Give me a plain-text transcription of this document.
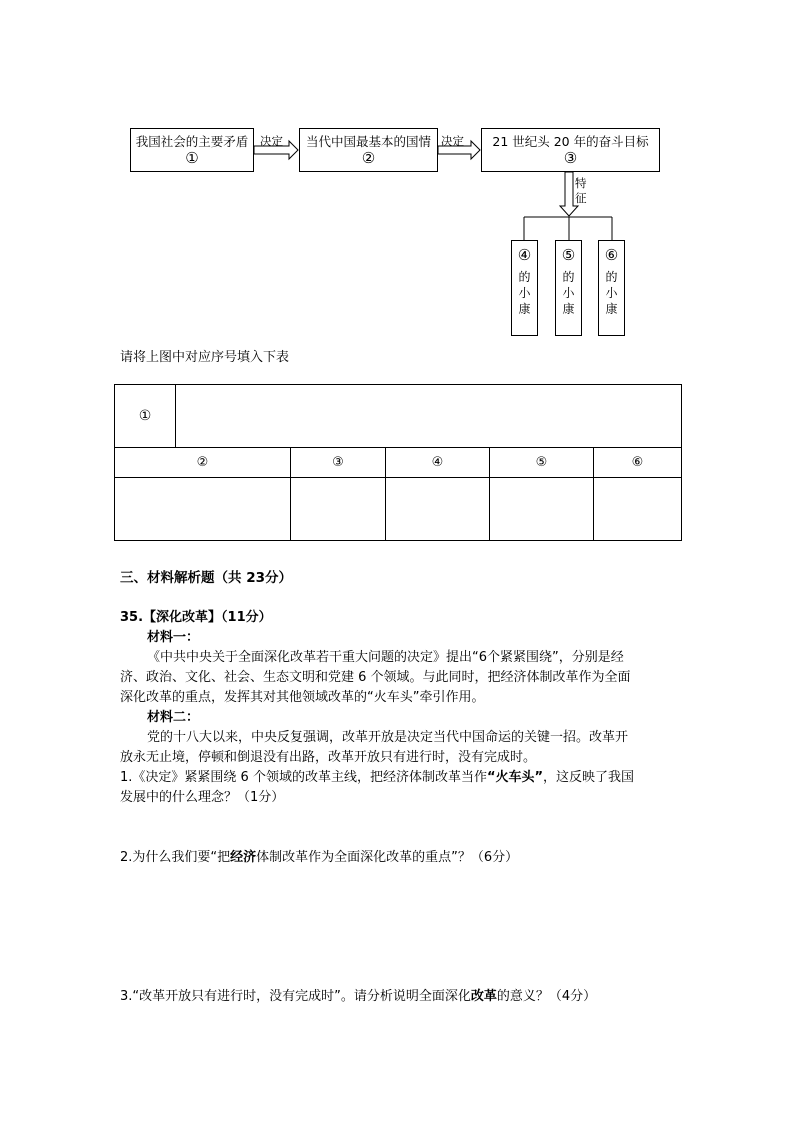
我国社会的主要矛盾
①
当代中国最基本的国情
②
21 世纪头 20 年的奋斗目标
③
决定	决定
特
征
④
的
小
康
⑤
的
小
康
⑥
的
小
康
请将上图中对应序号填入下表
①
②	③	④	⑤	⑥
三、材料解析题（共 23分）
35.【深化改革】（11分）
材料一：
《中共中央关于全面深化改革若干重大问题的决定》提出“6个紧紧围绕”，分别是经
济、政治、文化、社会、生态文明和党建 6 个领域。与此同时，把经济体制改革作为全面
深化改革的重点，发挥其对其他领域改革的“火车头”牵引作用。
材料二：
党的十八大以来，中央反复强调，改革开放是决定当代中国命运的关键一招。改革开
放永无止境，停顿和倒退没有出路，改革开放只有进行时，没有完成时。
1.《决定》紧紧围绕 6 个领域的改革主线，把经济体制改革当作“火车头”，这反映了我国
发展中的什么理念？（1分）
2.为什么我们要“把经济体制改革作为全面深化改革的重点”？（6分）
3.“改革开放只有进行时，没有完成时”。请分析说明全面深化改革的意义？（4分）
